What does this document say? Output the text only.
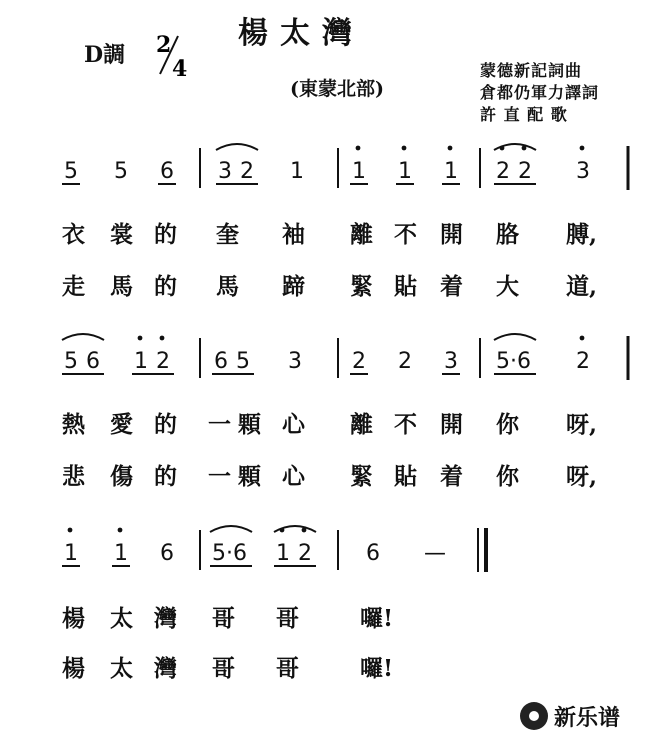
楊太灣
D調 2
4
(東蒙北部)
蒙德新記詞曲
倉都仍軍力譯詞
許 直 配 歌
5 5 6 3 2 1 1 1 1 2 2 3
衣 裳 的 奎 袖 離 不 開 胳 膊,
走 馬 的 馬 蹄 緊 貼 着 大 道,
5 6 1 2 6 5 3 2 2 3 5·6 2
熱 愛 的 一 顆 心 離 不 開 你 呀,
悲 傷 的 一 顆 心 緊 貼 着 你 呀,
1 1 6 5·6 1 2 6 —
楊 太 灣 哥 哥	囉!
楊 太 灣 哥 哥	囉!
新乐谱
